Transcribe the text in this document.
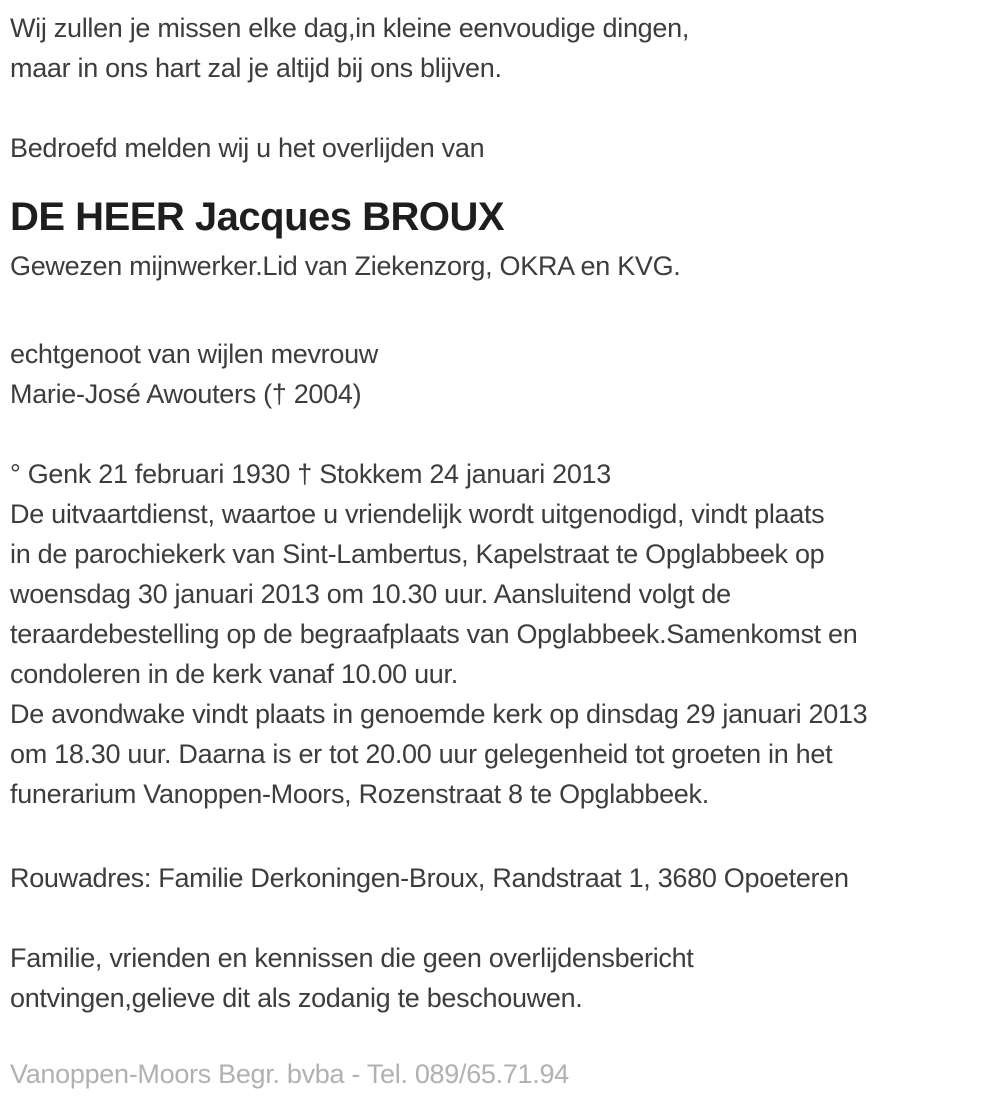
Wij zullen je missen elke dag,in kleine eenvoudige dingen,
maar in ons hart zal je altijd bij ons blijven.
Bedroefd melden wij u het overlijden van
DE HEER Jacques BROUX
Gewezen mijnwerker.Lid van Ziekenzorg, OKRA en KVG.
echtgenoot van wijlen mevrouw
Marie-José Awouters († 2004)
° Genk 21 februari 1930 † Stokkem 24 januari 2013
De uitvaartdienst, waartoe u vriendelijk wordt uitgenodigd, vindt plaats
in de parochiekerk van Sint-Lambertus, Kapelstraat te Opglabbeek op
woensdag 30 januari 2013 om 10.30 uur. Aansluitend volgt de
teraardebestelling op de begraafplaats van Opglabbeek.Samenkomst en
condoleren in de kerk vanaf 10.00 uur.
De avondwake vindt plaats in genoemde kerk op dinsdag 29 januari 2013
om 18.30 uur. Daarna is er tot 20.00 uur gelegenheid tot groeten in het
funerarium Vanoppen-Moors, Rozenstraat 8 te Opglabbeek.
Rouwadres: Familie Derkoningen-Broux, Randstraat 1, 3680 Opoeteren
Familie, vrienden en kennissen die geen overlijdensbericht
ontvingen,gelieve dit als zodanig te beschouwen.
Vanoppen-Moors Begr. bvba - Tel. 089/65.71.94
